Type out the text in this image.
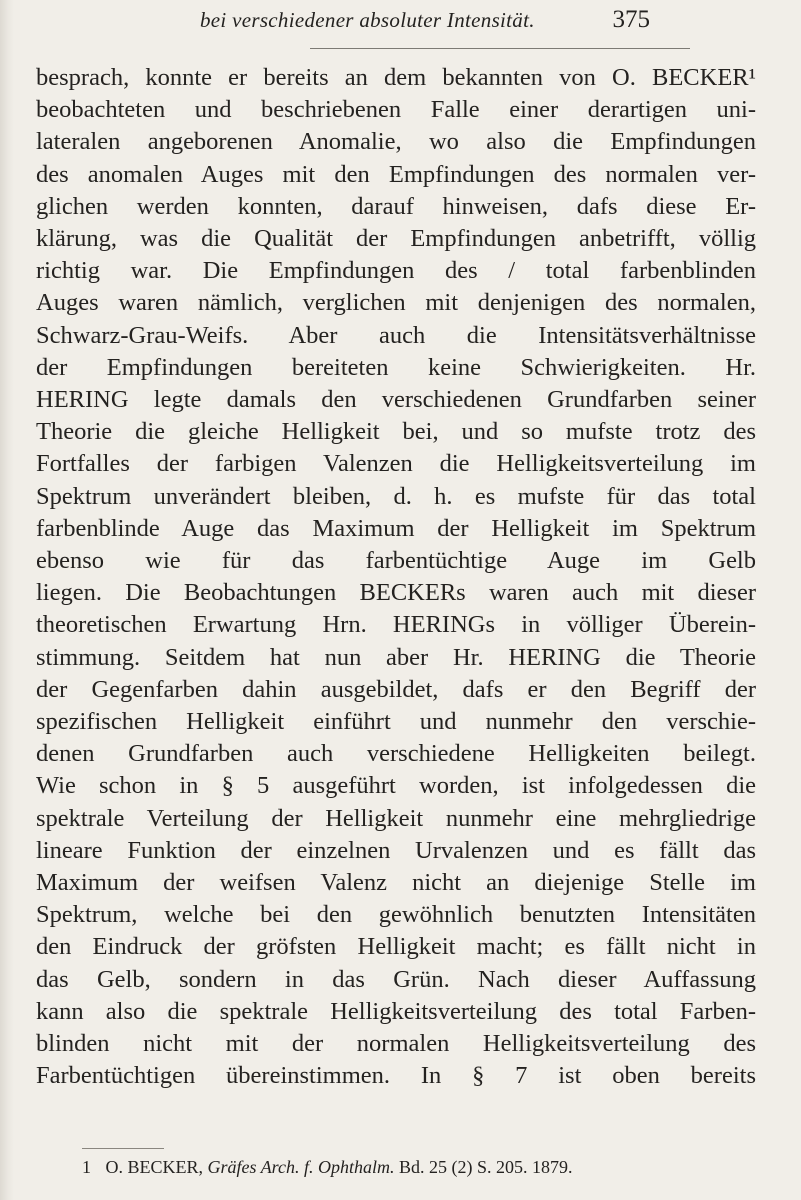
bei verschiedener absoluter Intensität.	375
besprach, konnte er bereits an dem bekannten von O. BECKER¹
beobachteten und beschriebenen Falle einer derartigen uni-
lateralen angeborenen Anomalie, wo also die Empfindungen
des anomalen Auges mit den Empfindungen des normalen ver-
glichen werden konnten, darauf hinweisen, dafs diese Er-
klärung, was die Qualität der Empfindungen anbetrifft, völlig
richtig war. Die Empfindungen des / total farbenblinden
Auges waren nämlich, verglichen mit denjenigen des normalen,
Schwarz-Grau-Weifs. Aber auch die Intensitätsverhältnisse
der Empfindungen bereiteten keine Schwierigkeiten. Hr.
HERING legte damals den verschiedenen Grundfarben seiner
Theorie die gleiche Helligkeit bei, und so mufste trotz des
Fortfalles der farbigen Valenzen die Helligkeitsverteilung im
Spektrum unverändert bleiben, d. h. es mufste für das total
farbenblinde Auge das Maximum der Helligkeit im Spektrum
ebenso wie für das farbentüchtige Auge im Gelb
liegen. Die Beobachtungen BECKERs waren auch mit dieser
theoretischen Erwartung Hrn. HERINGs in völliger Überein-
stimmung. Seitdem hat nun aber Hr. HERING die Theorie
der Gegenfarben dahin ausgebildet, dafs er den Begriff der
spezifischen Helligkeit einführt und nunmehr den verschie-
denen Grundfarben auch verschiedene Helligkeiten beilegt.
Wie schon in § 5 ausgeführt worden, ist infolgedessen die
spektrale Verteilung der Helligkeit nunmehr eine mehrgliedrige
lineare Funktion der einzelnen Urvalenzen und es fällt das
Maximum der weifsen Valenz nicht an diejenige Stelle im
Spektrum, welche bei den gewöhnlich benutzten Intensitäten
den Eindruck der gröfsten Helligkeit macht; es fällt nicht in
das Gelb, sondern in das Grün. Nach dieser Auffassung
kann also die spektrale Helligkeitsverteilung des total Farben-
blinden nicht mit der normalen Helligkeitsverteilung des
Farbentüchtigen übereinstimmen. In § 7 ist oben bereits
1 O. BECKER, Gräfes Arch. f. Ophthalm. Bd. 25 (2) S. 205. 1879.
